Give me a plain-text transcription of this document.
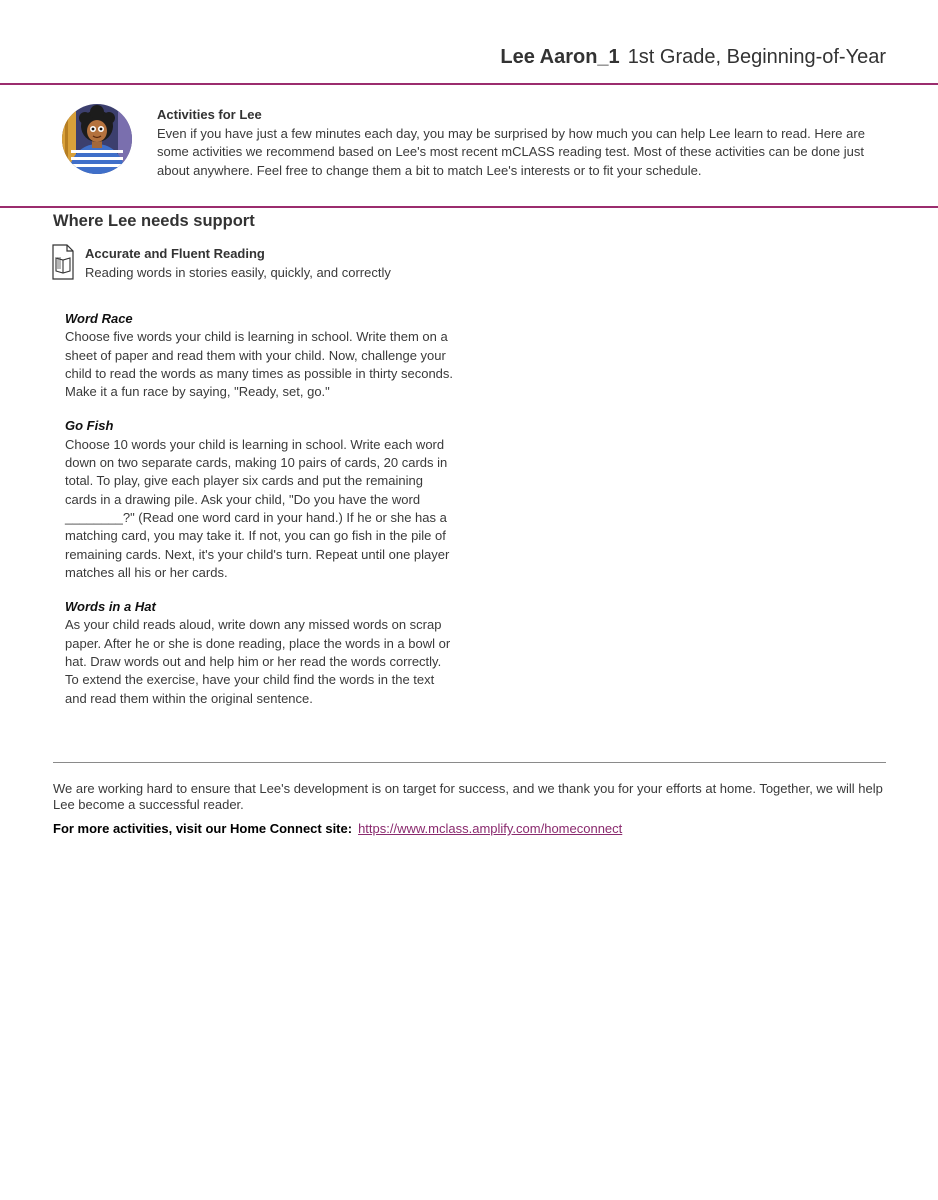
Lee Aaron_1 1st Grade, Beginning-of-Year
Activities for Lee
Even if you have just a few minutes each day, you may be surprised by how much you can help Lee learn to read. Here are some activities we recommend based on Lee's most recent mCLASS reading test. Most of these activities can be done just about anywhere. Feel free to change them a bit to match Lee's interests or to fit your schedule.
Where Lee needs support
Accurate and Fluent Reading
Reading words in stories easily, quickly, and correctly
Word Race
Choose five words your child is learning in school. Write them on a sheet of paper and read them with your child. Now, challenge your child to read the words as many times as possible in thirty seconds. Make it a fun race by saying, "Ready, set, go."
Go Fish
Choose 10 words your child is learning in school. Write each word down on two separate cards, making 10 pairs of cards, 20 cards in total. To play, give each player six cards and put the remaining cards in a drawing pile. Ask your child, "Do you have the word ________?" (Read one word card in your hand.) If he or she has a matching card, you may take it. If not, you can go fish in the pile of remaining cards. Next, it's your child's turn. Repeat until one player matches all his or her cards.
Words in a Hat
As your child reads aloud, write down any missed words on scrap paper. After he or she is done reading, place the words in a bowl or hat. Draw words out and help him or her read the words correctly. To extend the exercise, have your child find the words in the text and read them within the original sentence.
We are working hard to ensure that Lee's development is on target for success, and we thank you for your efforts at home. Together, we will help Lee become a successful reader.
For more activities, visit our Home Connect site: https://www.mclass.amplify.com/homeconnect
